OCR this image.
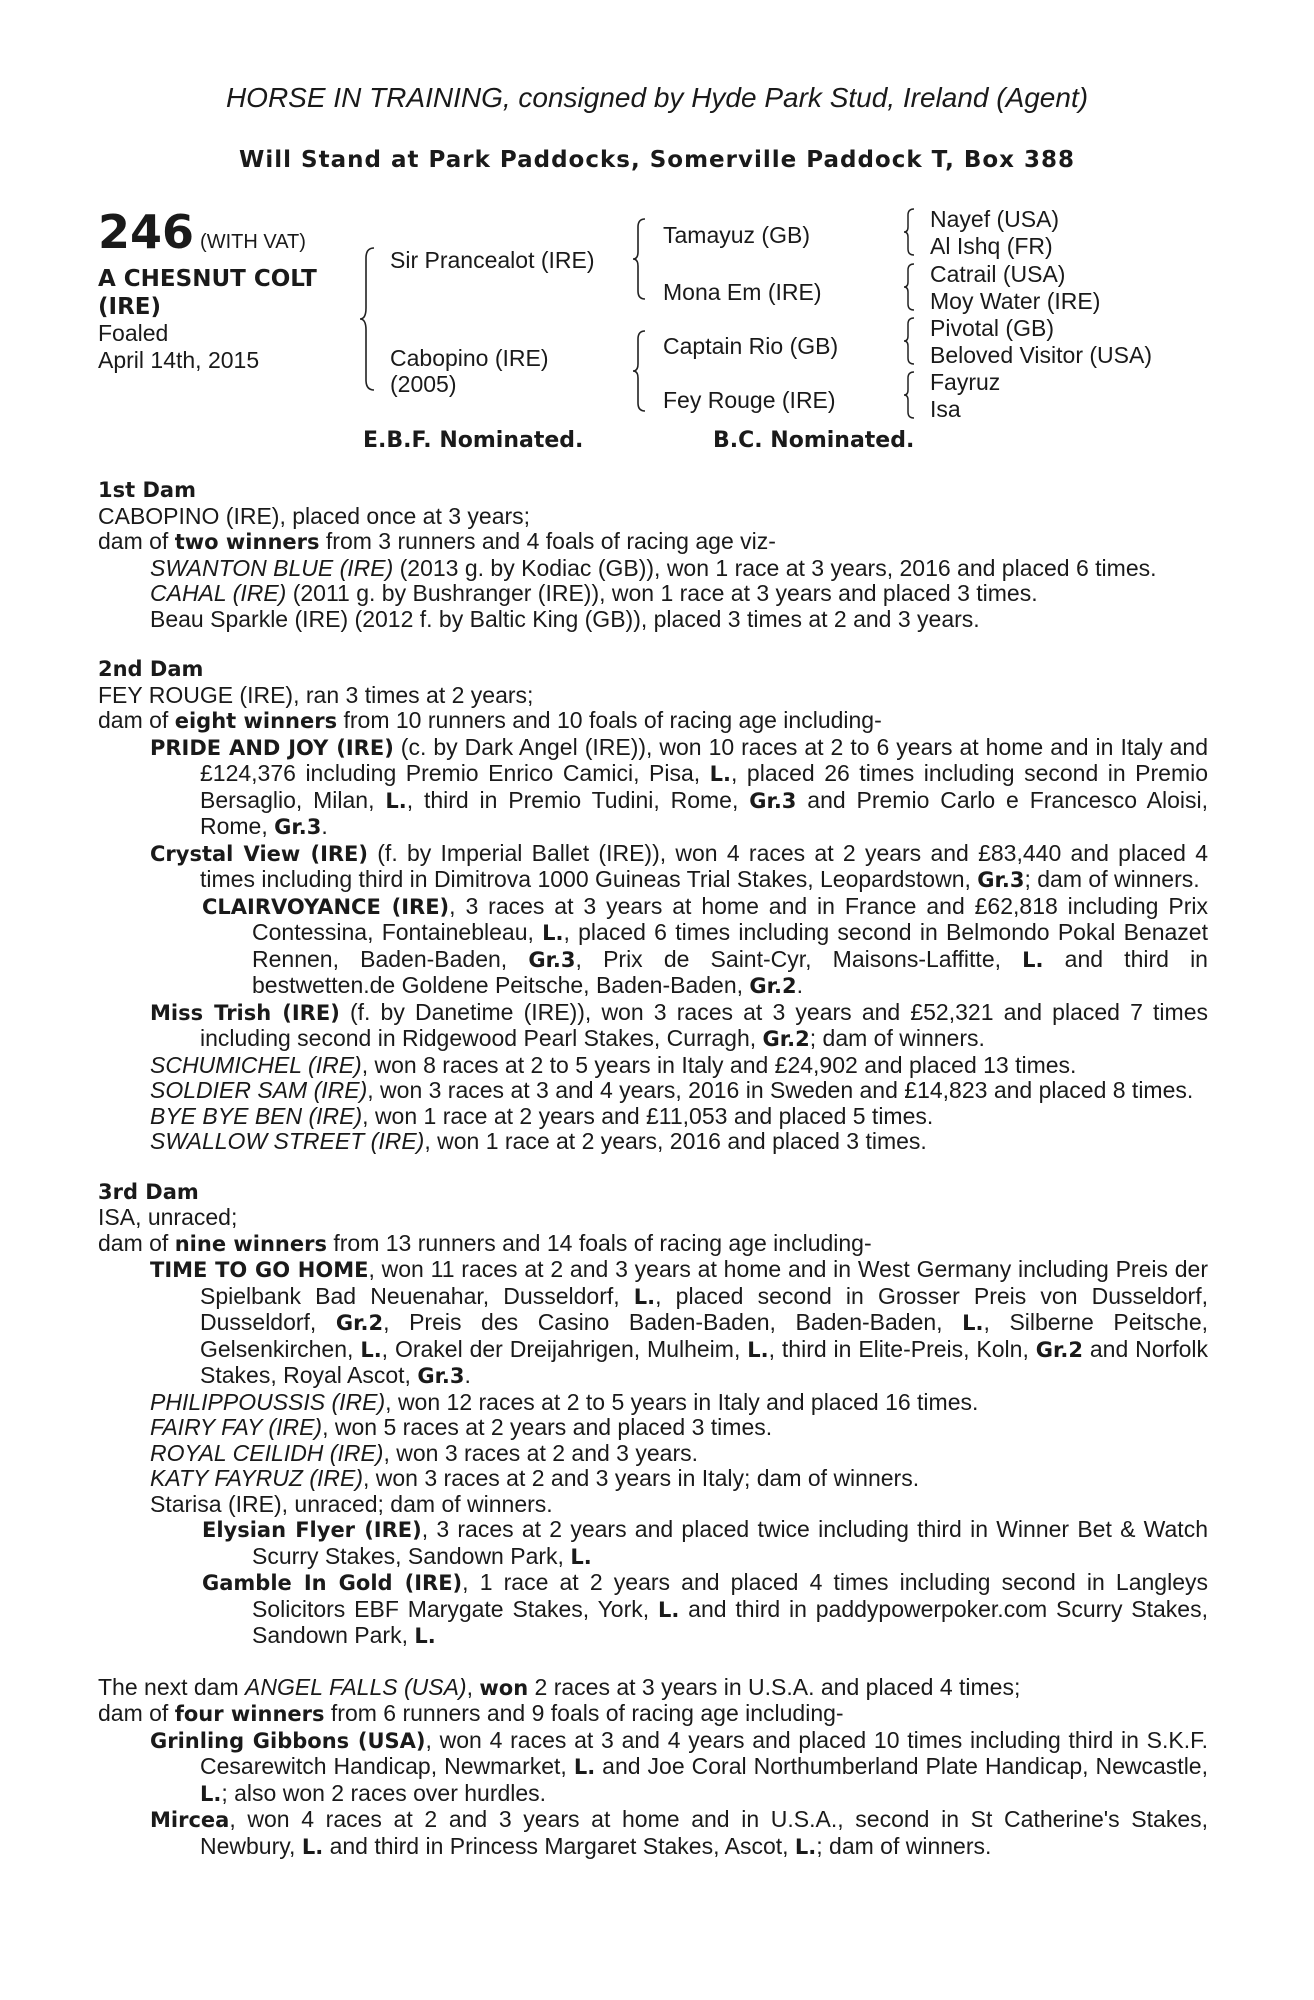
HORSE IN TRAINING, consigned by Hyde Park Stud, Ireland (Agent)
Will Stand at Park Paddocks, Somerville Paddock T, Box 388
246 (WITH VAT)
A CHESNUT COLT
(IRE)
Foaled
April 14th, 2015
Sir Prancealot (IRE)
Cabopino (IRE)
(2005)
Tamayuz (GB)
Mona Em (IRE)
Captain Rio (GB)
Fey Rouge (IRE)
Nayef (USA)
Al Ishq (FR)
Catrail (USA)
Moy Water (IRE)
Pivotal (GB)
Beloved Visitor (USA)
Fayruz
Isa
E.B.F. Nominated.	B.C. Nominated.
1st Dam

CABOPINO (IRE), placed once at 3 years;

dam of two winners from 3 runners and 4 foals of racing age viz-

SWANTON BLUE (IRE) (2013 g. by Kodiac (GB)), won 1 race at 3 years, 2016 and placed 6 times.

CAHAL (IRE) (2011 g. by Bushranger (IRE)), won 1 race at 3 years and placed 3 times.

Beau Sparkle (IRE) (2012 f. by Baltic King (GB)), placed 3 times at 2 and 3 years.

2nd Dam

FEY ROUGE (IRE), ran 3 times at 2 years;

dam of eight winners from 10 runners and 10 foals of racing age including-

PRIDE AND JOY (IRE) (c. by Dark Angel (IRE)), won 10 races at 2 to 6 years at home and in Italy and £124,376 including Premio Enrico Camici, Pisa, L., placed 26 times including second in Premio Bersaglio, Milan, L., third in Premio Tudini, Rome, Gr.3 and Premio Carlo e Francesco Aloisi, Rome, Gr.3.

Crystal View (IRE) (f. by Imperial Ballet (IRE)), won 4 races at 2 years and £83,440 and placed 4 times including third in Dimitrova 1000 Guineas Trial Stakes, Leopardstown, Gr.3; dam of winners.

CLAIRVOYANCE (IRE), 3 races at 3 years at home and in France and £62,818 including Prix Contessina, Fontainebleau, L., placed 6 times including second in Belmondo Pokal Benazet Rennen, Baden-Baden, Gr.3, Prix de Saint-Cyr, Maisons-Laffitte, L. and third in bestwetten.de Goldene Peitsche, Baden-Baden, Gr.2.

Miss Trish (IRE) (f. by Danetime (IRE)), won 3 races at 3 years and £52,321 and placed 7 times including second in Ridgewood Pearl Stakes, Curragh, Gr.2; dam of winners.

SCHUMICHEL (IRE), won 8 races at 2 to 5 years in Italy and £24,902 and placed 13 times.

SOLDIER SAM (IRE), won 3 races at 3 and 4 years, 2016 in Sweden and £14,823 and placed 8 times.

BYE BYE BEN (IRE), won 1 race at 2 years and £11,053 and placed 5 times.

SWALLOW STREET (IRE), won 1 race at 2 years, 2016 and placed 3 times.

3rd Dam

ISA, unraced;

dam of nine winners from 13 runners and 14 foals of racing age including-

TIME TO GO HOME, won 11 races at 2 and 3 years at home and in West Germany including Preis der Spielbank Bad Neuenahar, Dusseldorf, L., placed second in Grosser Preis von Dusseldorf, Dusseldorf, Gr.2, Preis des Casino Baden-Baden, Baden-Baden, L., Silberne Peitsche, Gelsenkirchen, L., Orakel der Dreijahrigen, Mulheim, L., third in Elite-Preis, Koln, Gr.2 and Norfolk Stakes, Royal Ascot, Gr.3.

PHILIPPOUSSIS (IRE), won 12 races at 2 to 5 years in Italy and placed 16 times.

FAIRY FAY (IRE), won 5 races at 2 years and placed 3 times.

ROYAL CEILIDH (IRE), won 3 races at 2 and 3 years.

KATY FAYRUZ (IRE), won 3 races at 2 and 3 years in Italy; dam of winners.

Starisa (IRE), unraced; dam of winners.

Elysian Flyer (IRE), 3 races at 2 years and placed twice including third in Winner Bet & Watch Scurry Stakes, Sandown Park, L.

Gamble In Gold (IRE), 1 race at 2 years and placed 4 times including second in Langleys Solicitors EBF Marygate Stakes, York, L. and third in paddypowerpoker.com Scurry Stakes, Sandown Park, L.

The next dam ANGEL FALLS (USA), won 2 races at 3 years in U.S.A. and placed 4 times;

dam of four winners from 6 runners and 9 foals of racing age including-

Grinling Gibbons (USA), won 4 races at 3 and 4 years and placed 10 times including third in S.K.F. Cesarewitch Handicap, Newmarket, L. and Joe Coral Northumberland Plate Handicap, Newcastle, L.; also won 2 races over hurdles.

Mircea, won 4 races at 2 and 3 years at home and in U.S.A., second in St Catherine's Stakes, Newbury, L. and third in Princess Margaret Stakes, Ascot, L.; dam of winners.
